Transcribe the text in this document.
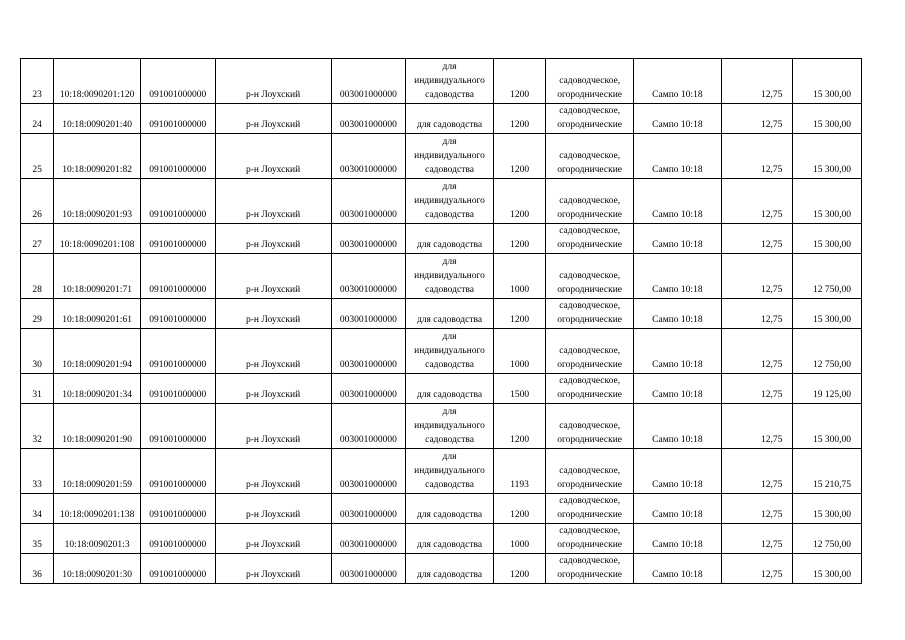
23	10:18:0090201:120	091001000000	р-н Лоухский	003001000000	для
индивидуального
садоводства	1200	садоводческое,
огороднические	Сампо 10:18	12,75	15 300,00
24	10:18:0090201:40	091001000000	р-н Лоухский	003001000000	для садоводства	1200	садоводческое,
огороднические	Сампо 10:18	12,75	15 300,00
25	10:18:0090201:82	091001000000	р-н Лоухский	003001000000	для
индивидуального
садоводства	1200	садоводческое,
огороднические	Сампо 10:18	12,75	15 300,00
26	10:18:0090201:93	091001000000	р-н Лоухский	003001000000	для
индивидуального
садоводства	1200	садоводческое,
огороднические	Сампо 10:18	12,75	15 300,00
27	10:18:0090201:108	091001000000	р-н Лоухский	003001000000	для садоводства	1200	садоводческое,
огороднические	Сампо 10:18	12,75	15 300,00
28	10:18:0090201:71	091001000000	р-н Лоухский	003001000000	для
индивидуального
садоводства	1000	садоводческое,
огороднические	Сампо 10:18	12,75	12 750,00
29	10:18:0090201:61	091001000000	р-н Лоухский	003001000000	для садоводства	1200	садоводческое,
огороднические	Сампо 10:18	12,75	15 300,00
30	10:18:0090201:94	091001000000	р-н Лоухский	003001000000	для
индивидуального
садоводства	1000	садоводческое,
огороднические	Сампо 10:18	12,75	12 750,00
31	10:18:0090201:34	091001000000	р-н Лоухский	003001000000	для садоводства	1500	садоводческое,
огороднические	Сампо 10:18	12,75	19 125,00
32	10:18:0090201:90	091001000000	р-н Лоухский	003001000000	для
индивидуального
садоводства	1200	садоводческое,
огороднические	Сампо 10:18	12,75	15 300,00
33	10:18:0090201:59	091001000000	р-н Лоухский	003001000000	для
индивидуального
садоводства	1193	садоводческое,
огороднические	Сампо 10:18	12,75	15 210,75
34	10:18:0090201:138	091001000000	р-н Лоухский	003001000000	для садоводства	1200	садоводческое,
огороднические	Сампо 10:18	12,75	15 300,00
35	10:18:0090201:3	091001000000	р-н Лоухский	003001000000	для садоводства	1000	садоводческое,
огороднические	Сампо 10:18	12,75	12 750,00
36	10:18:0090201:30	091001000000	р-н Лоухский	003001000000	для садоводства	1200	садоводческое,
огороднические	Сампо 10:18	12,75	15 300,00
